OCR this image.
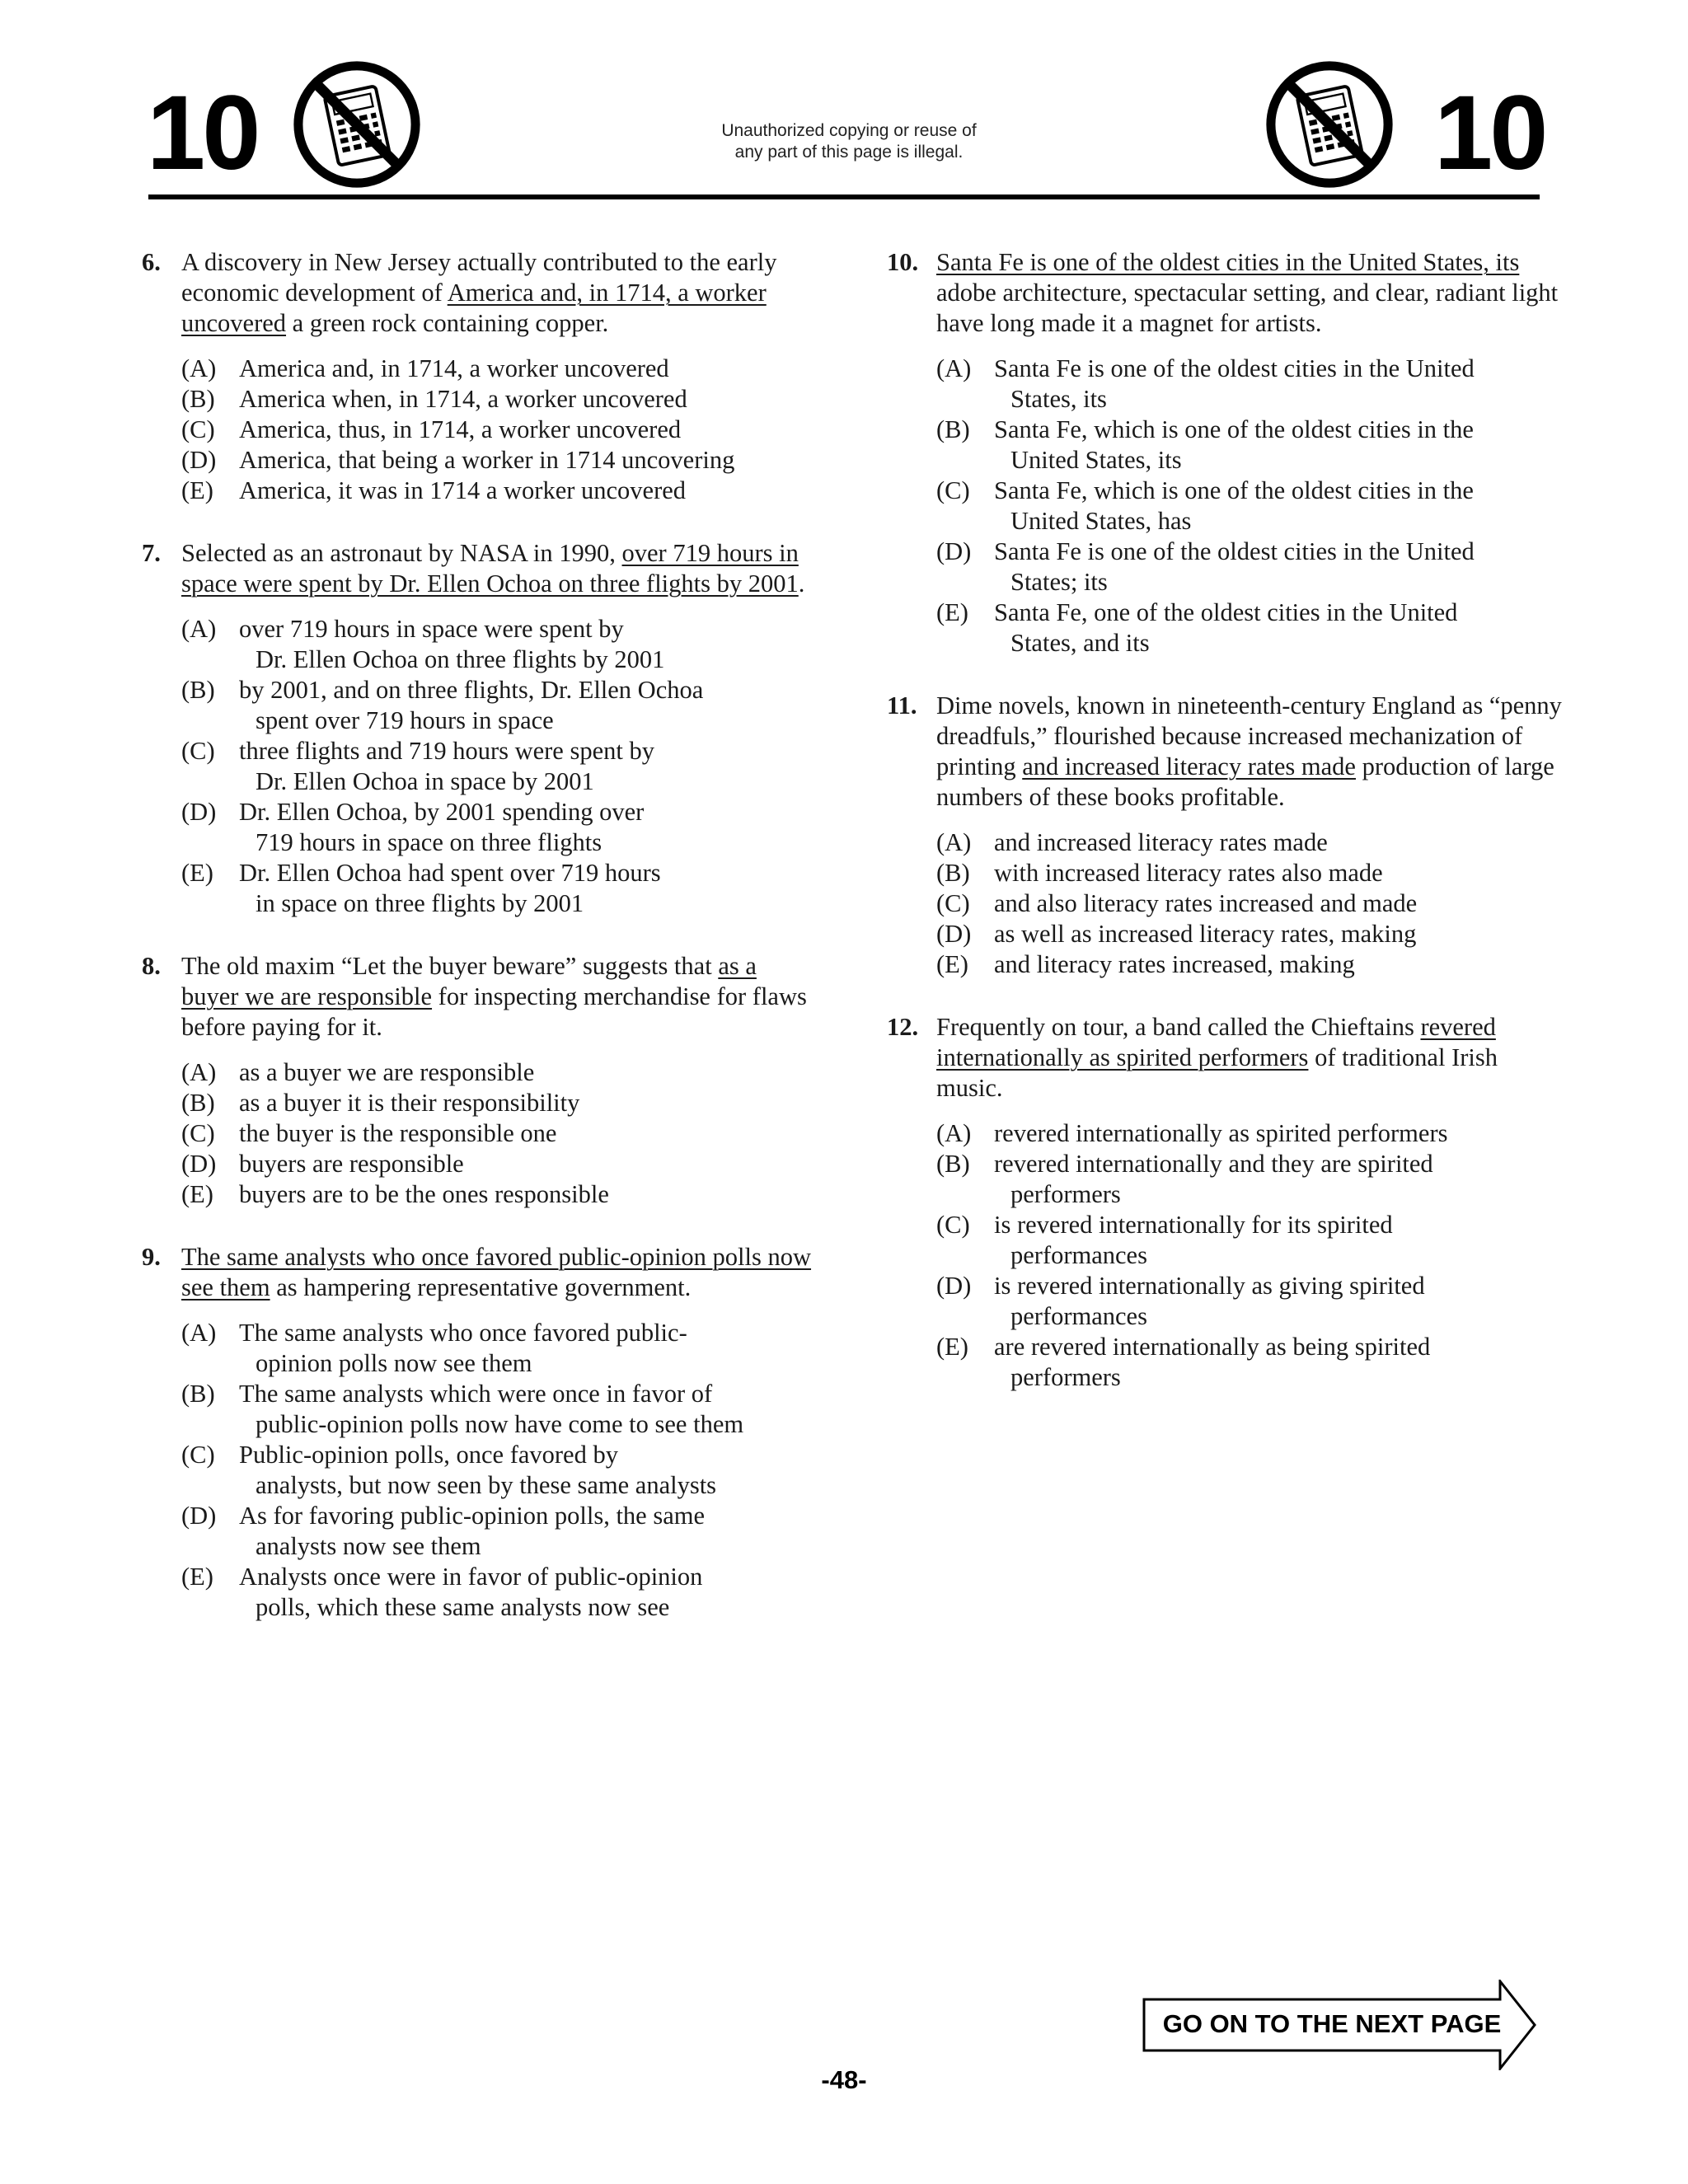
10	Unauthorized copying or reuse of
any part of this page is illegal.	10
6. A discovery in New Jersey actually contributed to the early economic development of America and, in 1714, a worker uncovered a green rock containing copper.

(A) America and, in 1714, a worker uncovered
(B) America when, in 1714, a worker uncovered
(C) America, thus, in 1714, a worker uncovered
(D) America, that being a worker in 1714 uncovering
(E) America, it was in 1714 a worker uncovered
7. Selected as an astronaut by NASA in 1990, over 719 hours in space were spent by Dr. Ellen Ochoa on three flights by 2001.

(A) over 719 hours in space were spent by
Dr. Ellen Ochoa on three flights by 2001
(B) by 2001, and on three flights, Dr. Ellen Ochoa
spent over 719 hours in space
(C) three flights and 719 hours were spent by
Dr. Ellen Ochoa in space by 2001
(D) Dr. Ellen Ochoa, by 2001 spending over
719 hours in space on three flights
(E) Dr. Ellen Ochoa had spent over 719 hours
in space on three flights by 2001
8. The old maxim “Let the buyer beware” suggests that as a buyer we are responsible for inspecting merchandise for flaws before paying for it.

(A) as a buyer we are responsible
(B) as a buyer it is their responsibility
(C) the buyer is the responsible one
(D) buyers are responsible
(E) buyers are to be the ones responsible
9. The same analysts who once favored public-opinion polls now see them as hampering representative government.

(A) The same analysts who once favored public-
opinion polls now see them
(B) The same analysts which were once in favor of
public-opinion polls now have come to see them
(C) Public-opinion polls, once favored by
analysts, but now seen by these same analysts
(D) As for favoring public-opinion polls, the same
analysts now see them
(E) Analysts once were in favor of public-opinion
polls, which these same analysts now see
10. Santa Fe is one of the oldest cities in the United States, its adobe architecture, spectacular setting, and clear, radiant light have long made it a magnet for artists.

(A) Santa Fe is one of the oldest cities in the United
States, its
(B) Santa Fe, which is one of the oldest cities in the
United States, its
(C) Santa Fe, which is one of the oldest cities in the
United States, has
(D) Santa Fe is one of the oldest cities in the United
States; its
(E) Santa Fe, one of the oldest cities in the United
States, and its
11. Dime novels, known in nineteenth-century England as “penny dreadfuls,” flourished because increased mechanization of printing and increased literacy rates made production of large numbers of these books profitable.

(A) and increased literacy rates made
(B) with increased literacy rates also made
(C) and also literacy rates increased and made
(D) as well as increased literacy rates, making
(E) and literacy rates increased, making
12. Frequently on tour, a band called the Chieftains revered internationally as spirited performers of traditional Irish music.

(A) revered internationally as spirited performers
(B) revered internationally and they are spirited
performers
(C) is revered internationally for its spirited
performances
(D) is revered internationally as giving spirited
performances
(E) are revered internationally as being spirited
performers
GO ON TO THE NEXT PAGE
-48-
